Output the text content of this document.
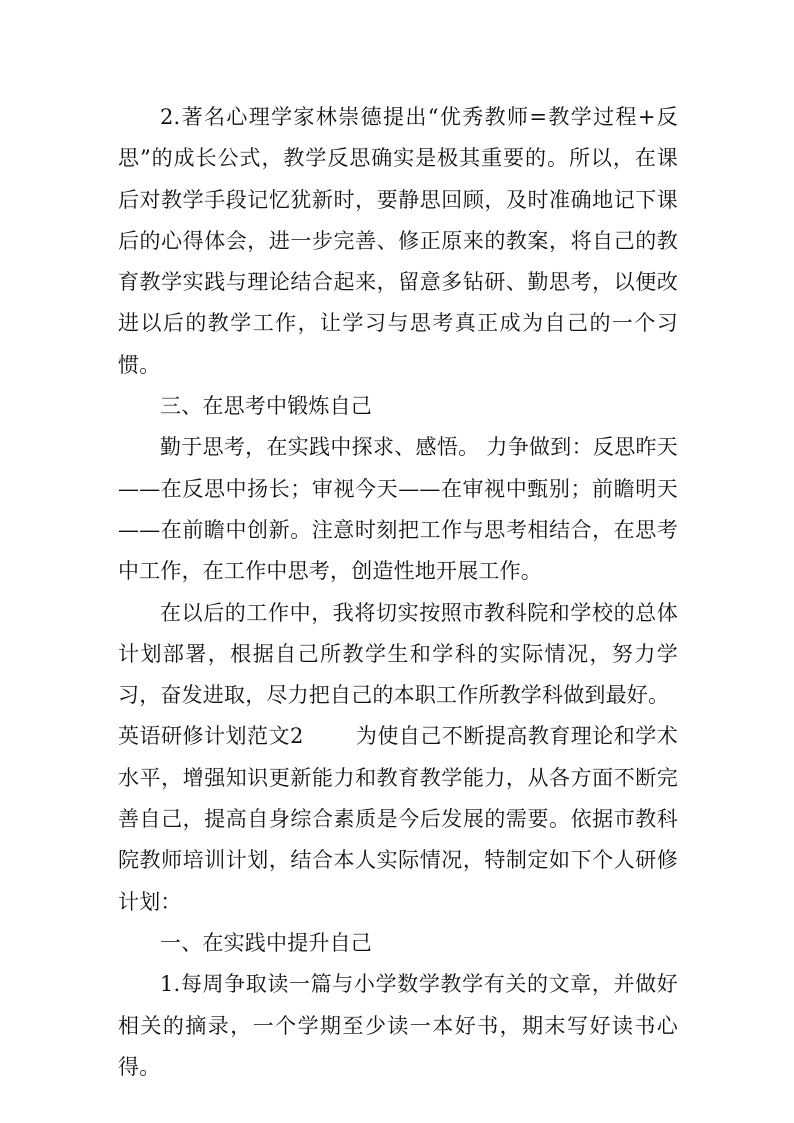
2.著名心理学家林崇德提出“优秀教师=教学过程+反思”的成长公式，教学反思确实是极其重要的。所以，在课后对教学手段记忆犹新时，要静思回顾，及时准确地记下课后的心得体会，进一步完善、修正原来的教案，将自己的教育教学实践与理论结合起来，留意多钻研、勤思考，以便改进以后的教学工作，让学习与思考真正成为自己的一个习惯。

三、在思考中锻炼自己

勤于思考，在实践中探求、感悟。 力争做到：反思昨天——在反思中扬长；审视今天——在审视中甄别；前瞻明天——在前瞻中创新。注意时刻把工作与思考相结合，在思考中工作，在工作中思考，创造性地开展工作。

在以后的工作中，我将切实按照市教科院和学校的总体计划部署，根据自己所教学生和学科的实际情况，努力学习，奋发进取，尽力把自己的本职工作所教学科做到最好。

英语研修计划范文2 为使自己不断提高教育理论和学术水平，增强知识更新能力和教育教学能力，从各方面不断完善自己，提高自身综合素质是今后发展的需要。依据市教科院教师培训计划，结合本人实际情况，特制定如下个人研修计划：

一、在实践中提升自己

1.每周争取读一篇与小学数学教学有关的文章，并做好相关的摘录，一个学期至少读一本好书，期末写好读书心得。
